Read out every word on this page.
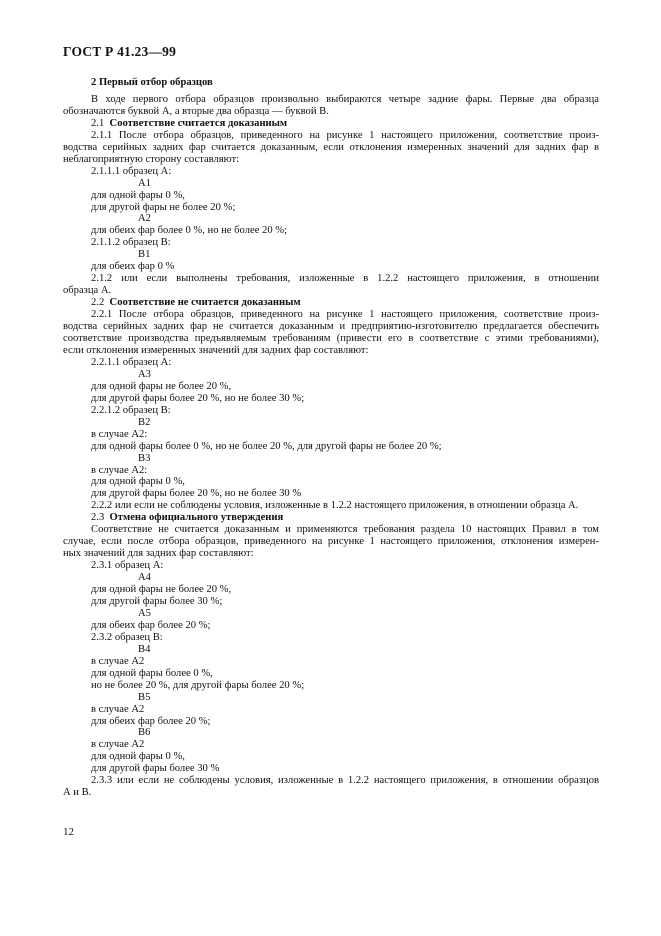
ГОСТ Р 41.23—99

2 Первый отбор образцов

В ходе первого отбора образцов произвольно выбираются четыре задние фары. Первые два образца

обозначаются буквой А, а вторые два образца — буквой В.

2.1 Соответствие считается доказанным

2.1.1 После отбора образцов, приведенного на рисунке 1 настоящего приложения, соответствие произ-

водства серийных задних фар считается доказанным, если отклонения измеренных значений для задних фар в

неблагоприятную сторону составляют:

2.1.1.1 образец А:

А1

для одной фары 0 %,

для другой фары не более 20 %;

А2

для обеих фар более 0 %, но не более 20 %;

2.1.1.2 образец В:

В1

для обеих фар 0 %

2.1.2 или если выполнены требования, изложенные в 1.2.2 настоящего приложения, в отношении

образца А.

2.2 Соответствие не считается доказанным

2.2.1 После отбора образцов, приведенного на рисунке 1 настоящего приложения, соответствие произ-

водства серийных задних фар не считается доказанным и предприятию-изготовителю предлагается обеспечить

соответствие производства предъявляемым требованиям (привести его в соответствие с этими требованиями),

если отклонения измеренных значений для задних фар составляют:

2.2.1.1 образец А:

А3

для одной фары не более 20 %,

для другой фары более 20 %, но не более 30 %;

2.2.1.2 образец В:

В2

в случае А2:

для одной фары более 0 %, но не более 20 %, для другой фары не более 20 %;

В3

в случае А2:

для одной фары 0 %,

для другой фары более 20 %, но не более 30 %

2.2.2 или если не соблюдены условия, изложенные в 1.2.2 настоящего приложения, в отношении образца А.

2.3 Отмена официального утверждения

Соответствие не считается доказанным и применяются требования раздела 10 настоящих Правил в том

случае, если после отбора образцов, приведенного на рисунке 1 настоящего приложения, отклонения измерен-

ных значений для задних фар составляют:

2.3.1 образец А:

А4

для одной фары не более 20 %,

для другой фары более 30 %;

А5

для обеих фар более 20 %;

2.3.2 образец В:

В4

в случае А2

для одной фары более 0 %,

но не более 20 %, для другой фары более 20 %;

В5

в случае А2

для обеих фар более 20 %;

В6

в случае А2

для одной фары 0 %,

для другой фары более 30 %

2.3.3 или если не соблюдены условия, изложенные в 1.2.2 настоящего приложения, в отношении образцов

А и В.

12
